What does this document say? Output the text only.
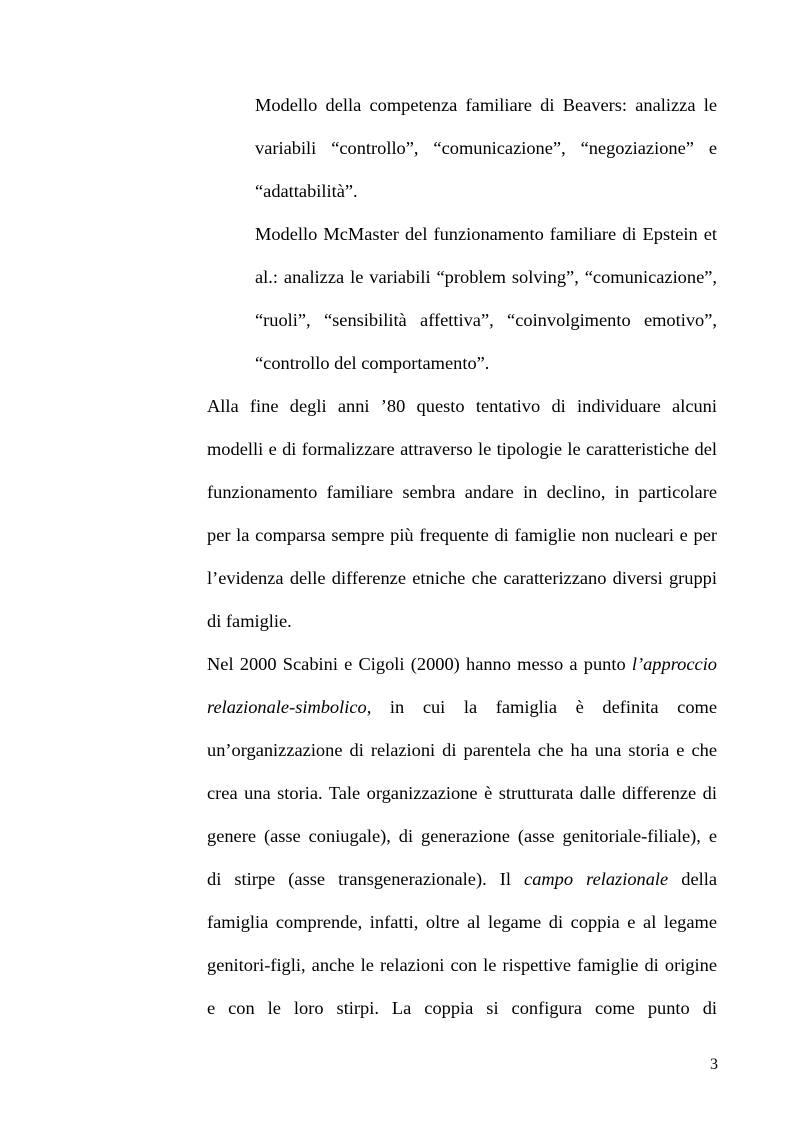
Modello della competenza familiare di Beavers: analizza le

variabili “controllo”, “comunicazione”, “negoziazione” e

“adattabilità”.

Modello McMaster del funzionamento familiare di Epstein et

al.: analizza le variabili “problem solving”, “comunicazione”,

“ruoli”, “sensibilità affettiva”, “coinvolgimento emotivo”,

“controllo del comportamento”.

Alla fine degli anni ’80 questo tentativo di individuare alcuni

modelli e di formalizzare attraverso le tipologie le caratteristiche del

funzionamento familiare sembra andare in declino, in particolare

per la comparsa sempre più frequente di famiglie non nucleari e per

l’evidenza delle differenze etniche che caratterizzano diversi gruppi

di famiglie.

Nel 2000 Scabini e Cigoli (2000) hanno messo a punto l’approccio

relazionale-simbolico, in cui la famiglia è definita come

un’organizzazione di relazioni di parentela che ha una storia e che

crea una storia. Tale organizzazione è strutturata dalle differenze di

genere (asse coniugale), di generazione (asse genitoriale-filiale), e

di stirpe (asse transgenerazionale). Il campo relazionale della

famiglia comprende, infatti, oltre al legame di coppia e al legame

genitori-figli, anche le relazioni con le rispettive famiglie di origine

e con le loro stirpi. La coppia si configura come punto di

3
